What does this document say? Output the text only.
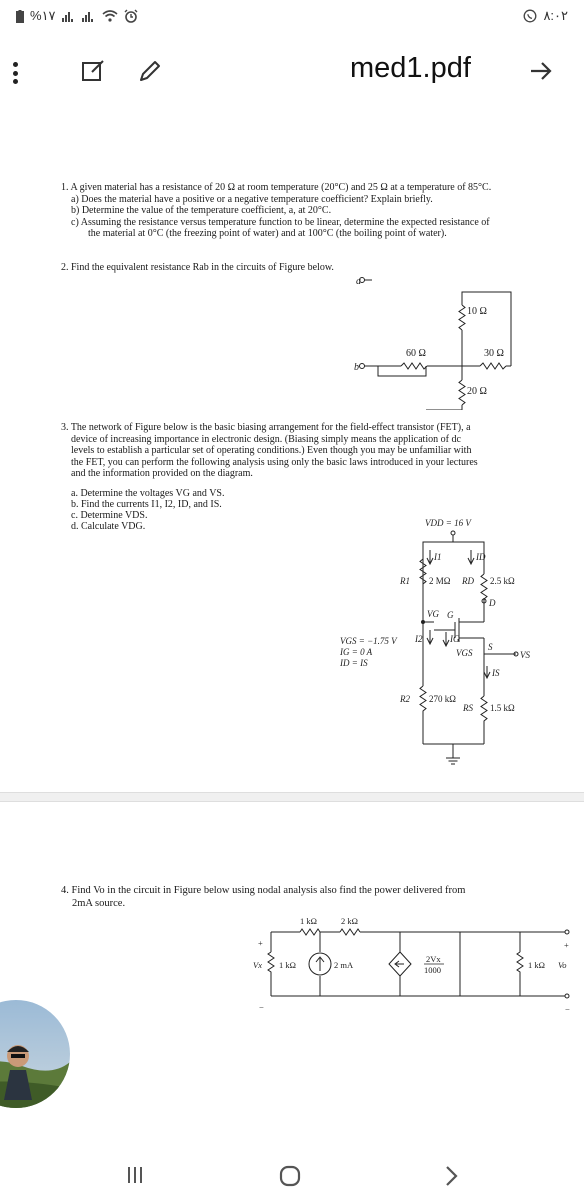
%١٧	٨:٠٢
med1.pdf
1. A given material has a resistance of 20 Ω at room temperature (20°C) and 25 Ω at a temperature of 85°C.
a) Does the material have a positive or a negative temperature coefficient? Explain briefly.
b) Determine the value of the temperature coefficient, a, at 20°C.
c) Assuming the resistance versus temperature function to be linear, determine the expected resistance of
the material at 0°C (the freezing point of water) and at 100°C (the boiling point of water).
2. Find the equivalent resistance Rab in the circuits of Figure below.
a
b
10 Ω
60 Ω	30 Ω
20 Ω
3. The network of Figure below is the basic biasing arrangement for the field-effect transistor (FET), a
device of increasing importance in electronic design. (Biasing simply means the application of dc
levels to establish a particular set of operating conditions.) Even though you may be unfamiliar with
the FET, you can perform the following analysis using only the basic laws introduced in your lectures
and the information provided on the diagram.
a. Determine the voltages VG and VS.
b. Find the currents I1, I2, ID, and IS.
c. Determine VDS.
d. Calculate VDG.	VDD = 16 V
I1	ID
R1 2 MΩ RD 2.5 kΩ
D
VG G
I2	IG
VGS = −1.75 V
IG = 0 A
ID = IS
VGS
S
VS
IS
R2 270 kΩ
RS 1.5 kΩ
4. Find Vo in the circuit in Figure below using nodal analysis also find the power delivered from
2mA source.
+
−
Vx
1 kΩ	2 kΩ
1 kΩ	2 mA
2Vx
1000	1 kΩ Vo
+
−
